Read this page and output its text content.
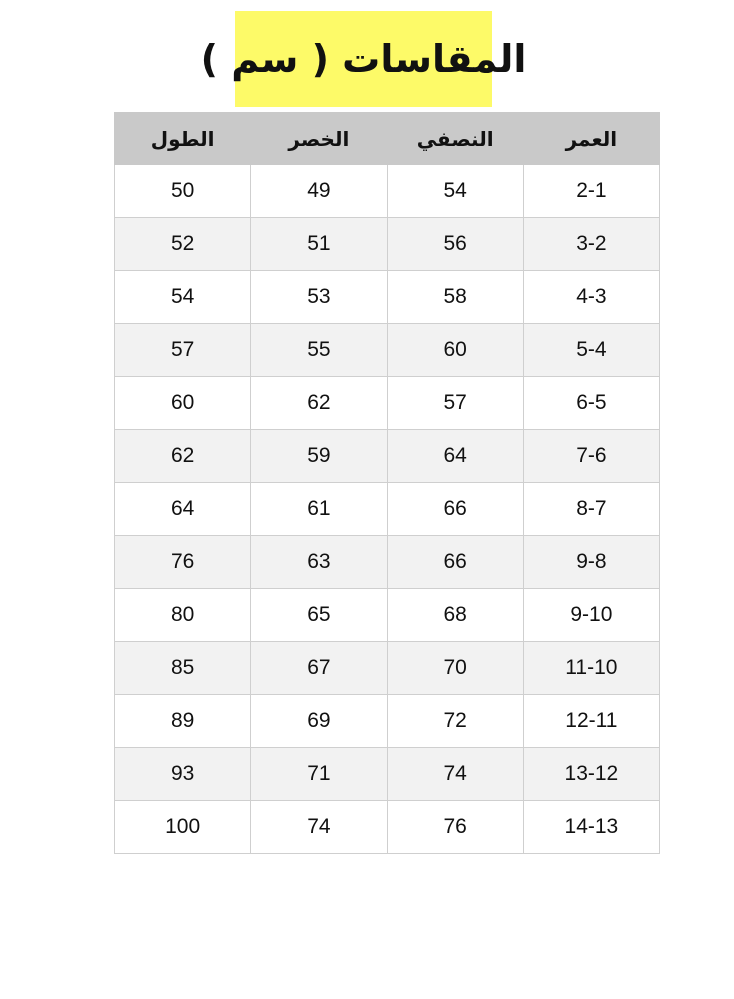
المقاسات ( سم )
العمر	النصفي	الخصر	الطول
2-1	54	49	50
3-2	56	51	52
4-3	58	53	54
5-4	60	55	57
6-5	57	62	60
7-6	64	59	62
8-7	66	61	64
9-8	66	63	76
9-10	68	65	80
11-10	70	67	85
12-11	72	69	89
13-12	74	71	93
14-13	76	74	100
